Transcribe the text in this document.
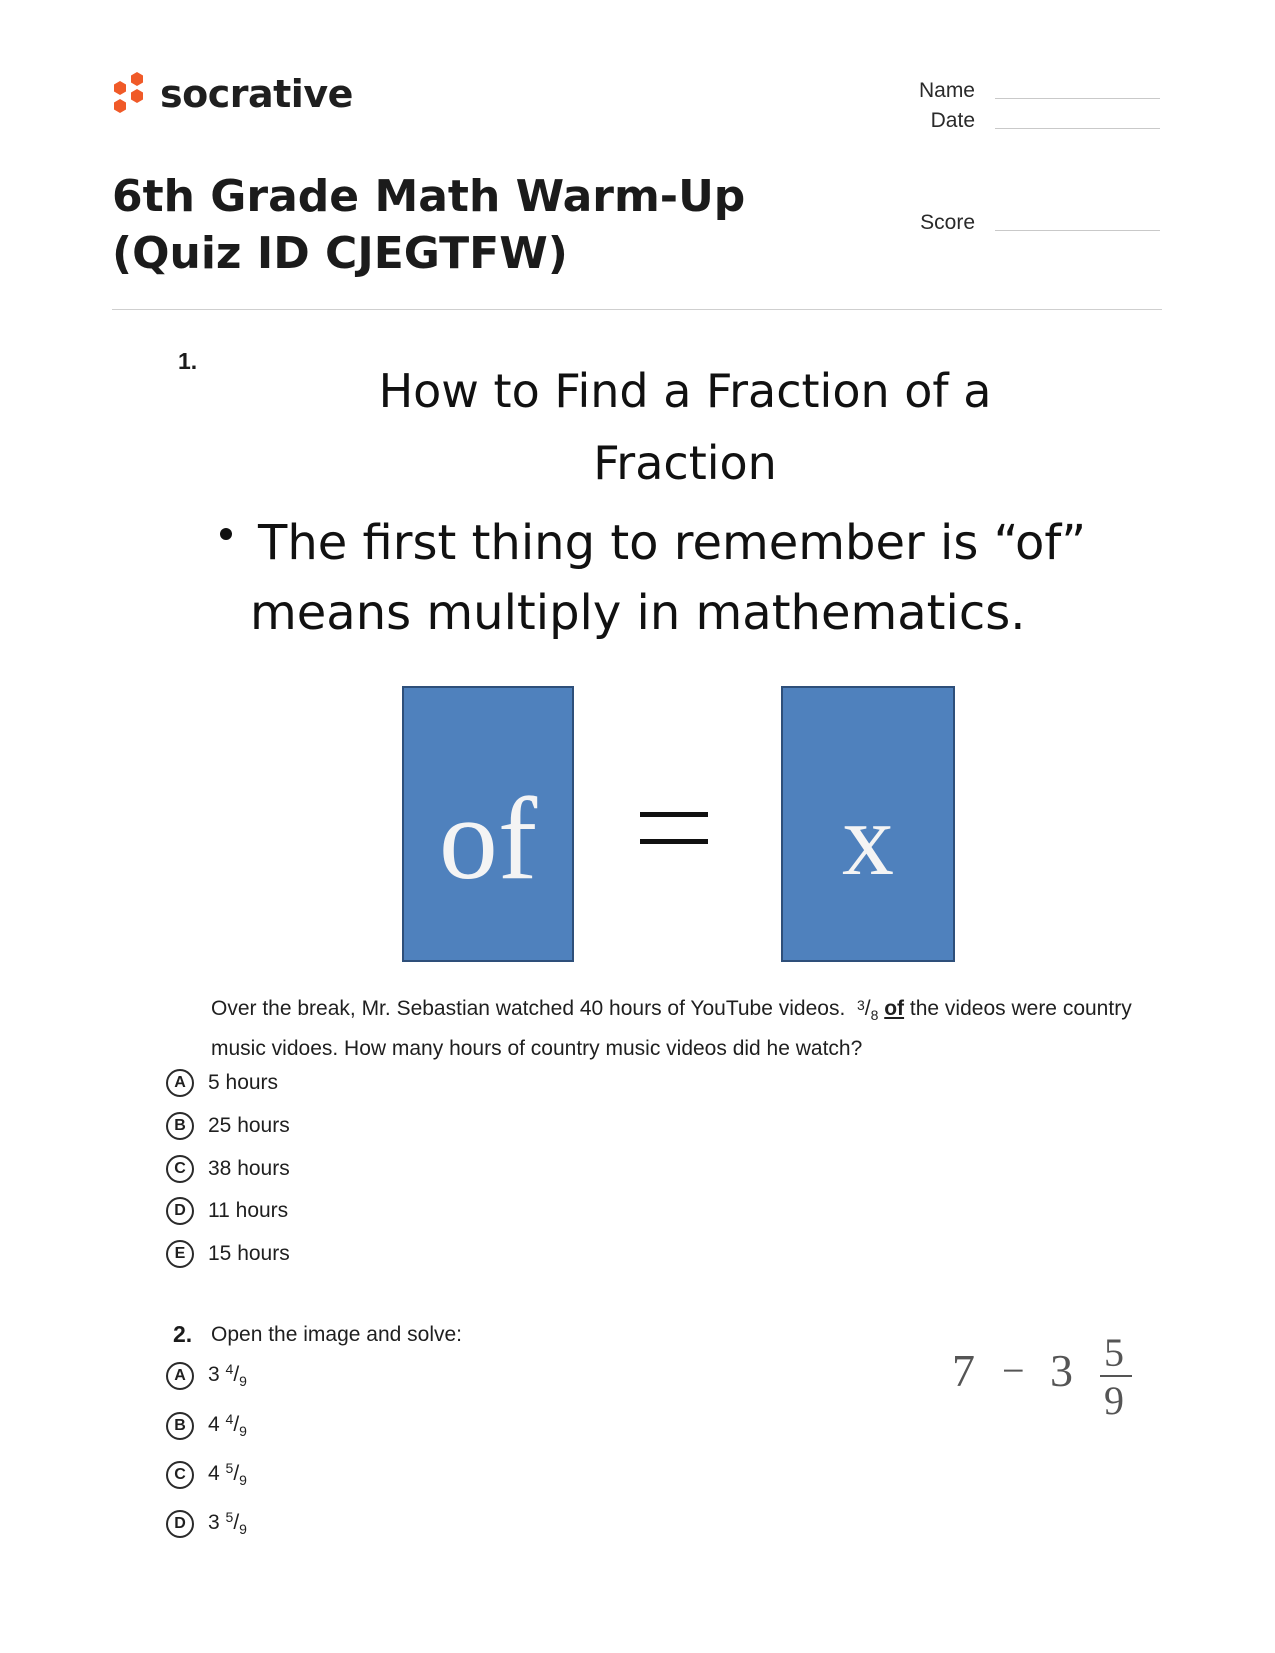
socrative	Name
Date
Score
6th Grade Math Warm-Up (Quiz ID CJEGTFW)
1.
How to Find a Fraction of a Fraction
The first thing to remember is “of”
means multiply in mathematics.
of	x
Over the break, Mr. Sebastian watched 40 hours of YouTube videos. $^3/_8$ of the videos were country music vidoes. How many hours of country music videos did he watch?
A	5 hours
B	25 hours
C	38 hours
D	11 hours
E	15 hours
2. Open the image and solve:
A	3 $^4/_9$
B	4 $^4/_9$
C	4 $^5/_9$
D	3 $^5/_9$
7 − 3 5
9
